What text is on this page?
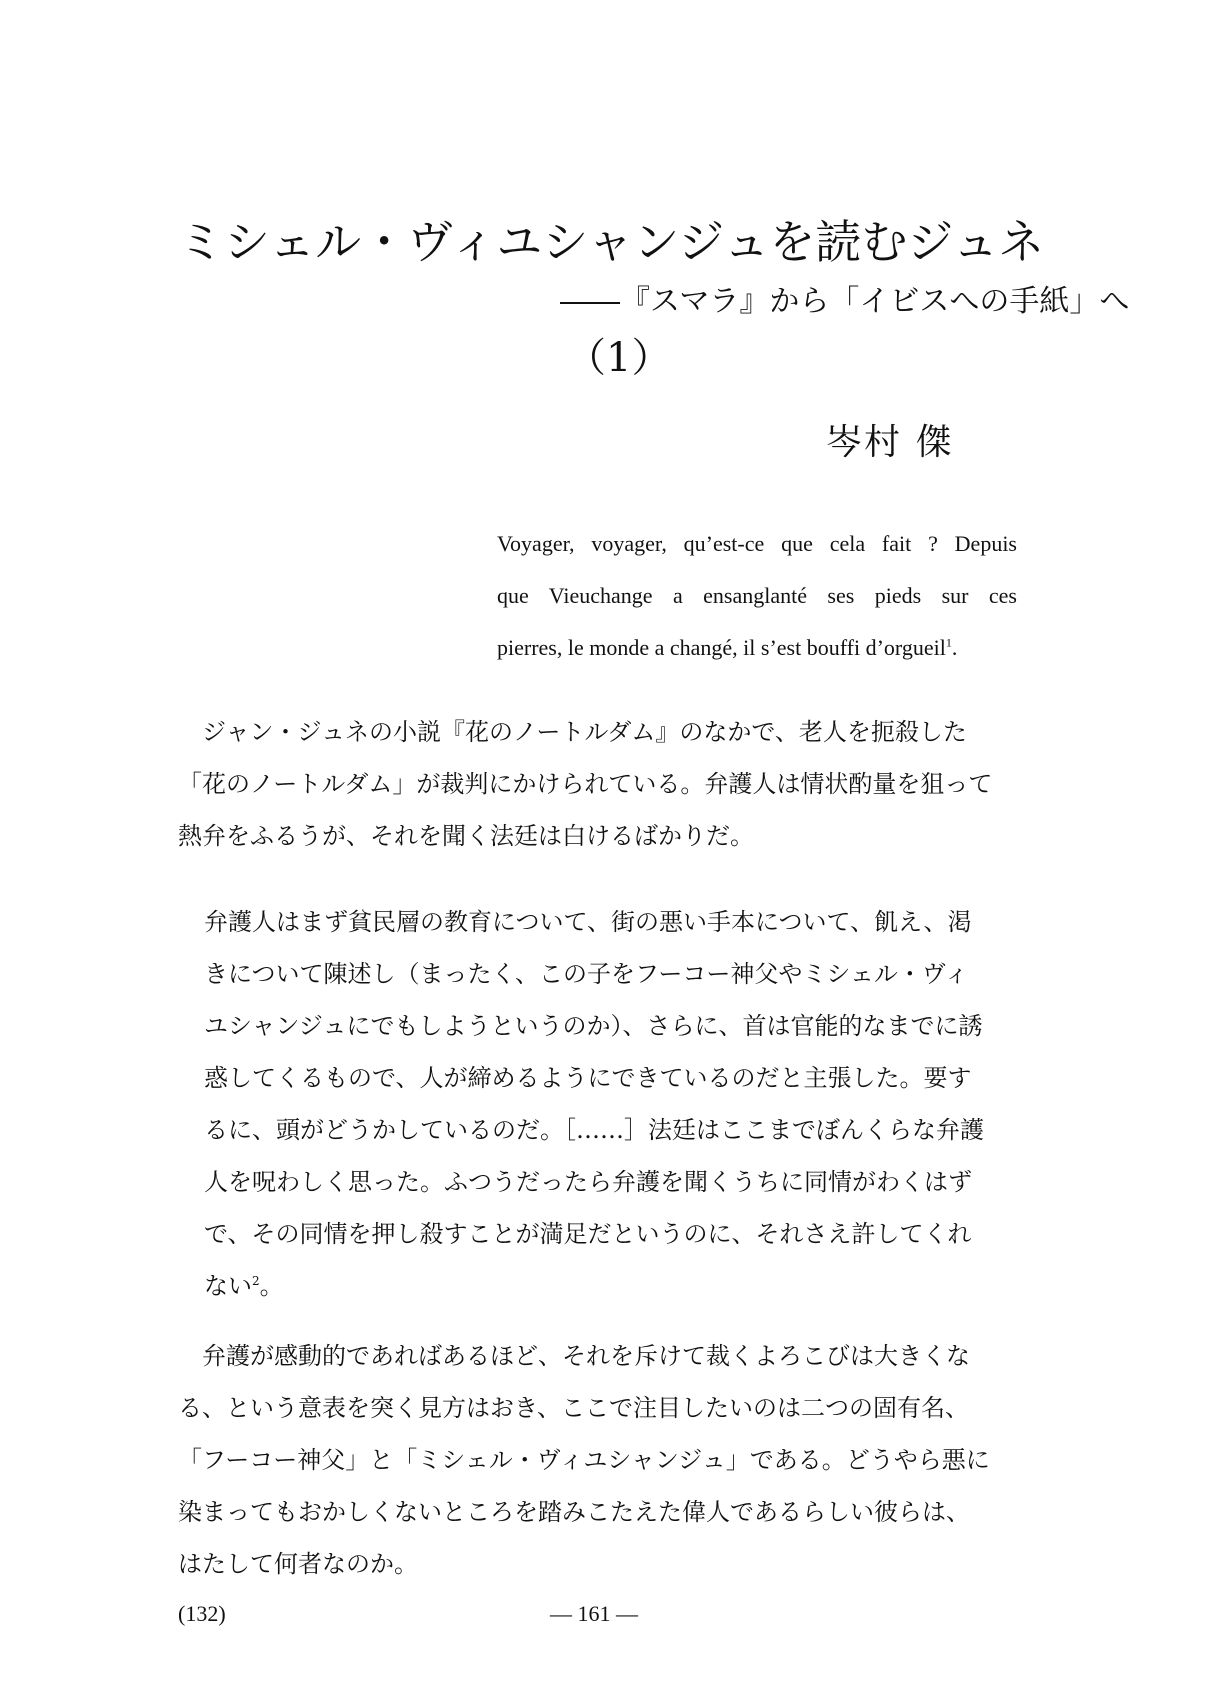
ミシェル・ヴィユシャンジュを読むジュネ
――『スマラ』から「イビスへの手紙」へ
（1）
岑村 傑
Voyager, voyager, qu’est-ce que cela fait ? Depuis
que Vieuchange a ensanglanté ses pieds sur ces
pierres, le monde a changé, il s’est bouffi d’orgueil$^1$.
　ジャン・ジュネの小説『花のノートルダム』のなかで、老人を扼殺した
「花のノートルダム」が裁判にかけられている。弁護人は情状酌量を狙って
熱弁をふるうが、それを聞く法廷は白けるばかりだ。
弁護人はまず貧民層の教育について、街の悪い手本について、飢え、渇
きについて陳述し（まったく、この子をフーコー神父やミシェル・ヴィ
ユシャンジュにでもしようというのか）、さらに、首は官能的なまでに誘
惑してくるもので、人が締めるようにできているのだと主張した。要す
るに、頭がどうかしているのだ。［……］法廷はここまでぼんくらな弁護
人を呪わしく思った。ふつうだったら弁護を聞くうちに同情がわくはず
で、その同情を押し殺すことが満足だというのに、それさえ許してくれ
ない$^2$。
　弁護が感動的であればあるほど、それを斥けて裁くよろこびは大きくな
る、という意表を突く見方はおき、ここで注目したいのは二つの固有名、
「フーコー神父」と「ミシェル・ヴィユシャンジュ」である。どうやら悪に
染まってもおかしくないところを踏みこたえた偉人であるらしい彼らは、
はたして何者なのか。
(132)	— 161 —
